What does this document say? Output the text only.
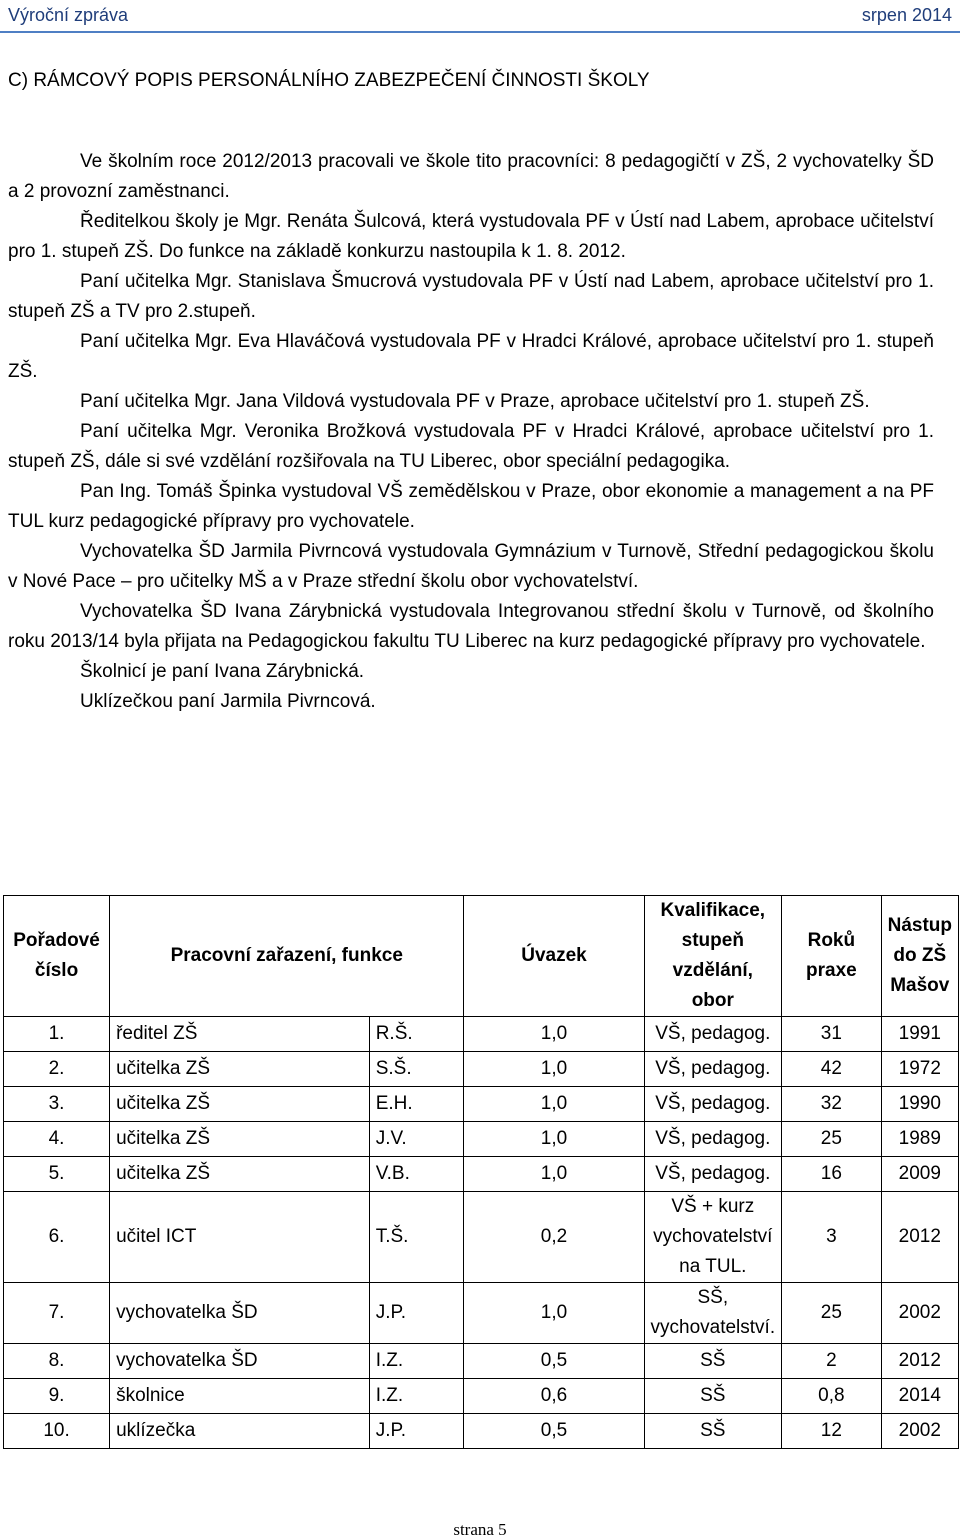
Výroční zpráva	srpen 2014
C) RÁMCOVÝ POPIS PERSONÁLNÍHO ZABEZPEČENÍ ČINNOSTI ŠKOLY

Ve školním roce 2012/2013 pracovali ve škole tito pracovníci: 8 pedagogičtí v ZŠ, 2 vychovatelky ŠD a 2 provozní zaměstnanci.

Ředitelkou školy je Mgr. Renáta Šulcová, která vystudovala PF v Ústí nad Labem, aprobace učitelství pro 1. stupeň ZŠ. Do funkce na základě konkurzu nastoupila k 1. 8. 2012.

Paní učitelka Mgr. Stanislava Šmucrová vystudovala PF v Ústí nad Labem, aprobace učitelství pro 1. stupeň ZŠ a TV pro 2.stupeň.

Paní učitelka Mgr. Eva Hlaváčová vystudovala PF v Hradci Králové, aprobace učitelství pro 1. stupeň ZŠ.

Paní učitelka Mgr. Jana Vildová vystudovala PF v Praze, aprobace učitelství pro 1. stupeň ZŠ.

Paní učitelka Mgr. Veronika Brožková vystudovala PF v Hradci Králové, aprobace učitelství pro 1. stupeň ZŠ, dále si své vzdělání rozšiřovala na TU Liberec, obor speciální pedagogika.

Pan Ing. Tomáš Špinka vystudoval VŠ zemědělskou v Praze, obor ekonomie a management a na PF TUL kurz pedagogické přípravy pro vychovatele.

Vychovatelka ŠD Jarmila Pivrncová vystudovala Gymnázium v Turnově, Střední pedagogickou školu v Nové Pace – pro učitelky MŠ a v Praze střední školu obor vychovatelství.

Vychovatelka ŠD Ivana Zárybnická vystudovala Integrovanou střední školu v Turnově, od školního roku 2013/14 byla přijata na Pedagogickou fakultu TU Liberec na kurz pedagogické přípravy pro vychovatele.

Školnicí je paní Ivana Zárybnická.

Uklízečkou paní Jarmila Pivrncová.

Pořadové číslo	Pracovní zařazení, funkce		Úvazek	Kvalifikace, stupeň vzdělání, obor	Roků praxe	Nástup do ZŠ Mašov
1.	ředitel ZŠ	R.Š.	1,0	VŠ, pedagog.	31	1991
2.	učitelka ZŠ	S.Š.	1,0	VŠ, pedagog.	42	1972
3.	učitelka ZŠ	E.H.	1,0	VŠ, pedagog.	32	1990
4.	učitelka ZŠ	J.V.	1,0	VŠ, pedagog.	25	1989
5.	učitelka ZŠ	V.B.	1,0	VŠ, pedagog.	16	2009
6.	učitel ICT	T.Š.	0,2	VŠ + kurz vychovatelství na TUL.	3	2012
7.	vychovatelka ŠD	J.P.	1,0	SŠ, vychovatelství.	25	2002
8.	vychovatelka ŠD	I.Z.	0,5	SŠ	2	2012
9.	školnice	I.Z.	0,6	SŠ	0,8	2014
10.	uklízečka	J.P.	0,5	SŠ	12	2002
strana 5
